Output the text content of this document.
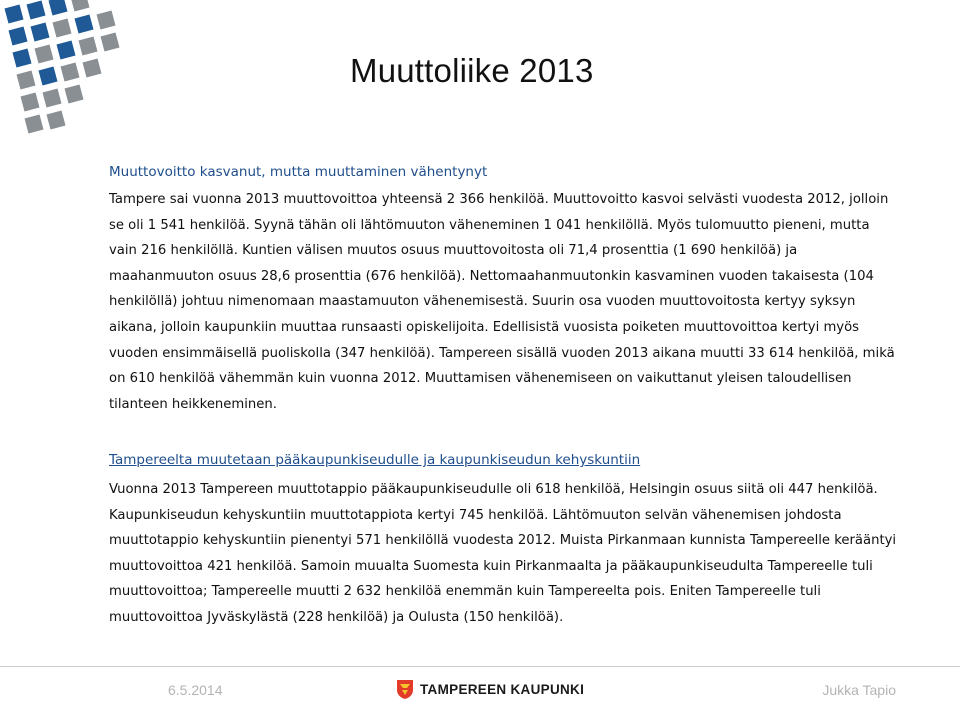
Muuttoliike 2013
Muuttovoitto kasvanut, mutta muuttaminen vähentynyt

Tampere sai vuonna 2013 muuttovoittoa yhteensä 2 366 henkilöä. Muuttovoitto kasvoi selvästi vuodesta 2012, jolloin se oli 1 541 henkilöä. Syynä tähän oli lähtömuuton väheneminen 1 041 henkilöllä. Myös tulomuutto pieneni, mutta vain 216 henkilöllä. Kuntien välisen muutos osuus muuttovoitosta oli 71,4 prosenttia (1 690 henkilöä) ja maahanmuuton osuus 28,6 prosenttia (676 henkilöä). Nettomaahanmuutonkin kasvaminen vuoden takaisesta (104 henkilöllä) johtuu nimenomaan maastamuuton vähenemisestä. Suurin osa vuoden muuttovoitosta kertyy syksyn aikana, jolloin kaupunkiin muuttaa runsaasti opiskelijoita. Edellisistä vuosista poiketen muuttovoittoa kertyi myös vuoden ensimmäisellä puoliskolla (347 henkilöä). Tampereen sisällä vuoden 2013 aikana muutti 33 614 henkilöä, mikä on 610 henkilöä vähemmän kuin vuonna 2012. Muuttamisen vähenemiseen on vaikuttanut yleisen taloudellisen tilanteen heikkeneminen.

Tampereelta muutetaan pääkaupunkiseudulle ja kaupunkiseudun kehyskuntiin

Vuonna 2013 Tampereen muuttotappio pääkaupunkiseudulle oli 618 henkilöä, Helsingin osuus siitä oli 447 henkilöä. Kaupunkiseudun kehyskuntiin muuttotappiota kertyi 745 henkilöä. Lähtömuuton selvän vähenemisen johdosta muuttotappio kehyskuntiin pienentyi 571 henkilöllä vuodesta 2012. Muista Pirkanmaan kunnista Tampereelle kerääntyi muuttovoittoa 421 henkilöä. Samoin muualta Suomesta kuin Pirkanmaalta ja pääkaupunkiseudulta Tampereelle tuli muuttovoittoa; Tampereelle muutti 2 632 henkilöä enemmän kuin Tampereelta pois. Eniten Tampereelle tuli muuttovoittoa Jyväskylästä (228 henkilöä) ja Oulusta (150 henkilöä).

6.5.2014	TAMPEREEN KAUPUNKI	Jukka Tapio
